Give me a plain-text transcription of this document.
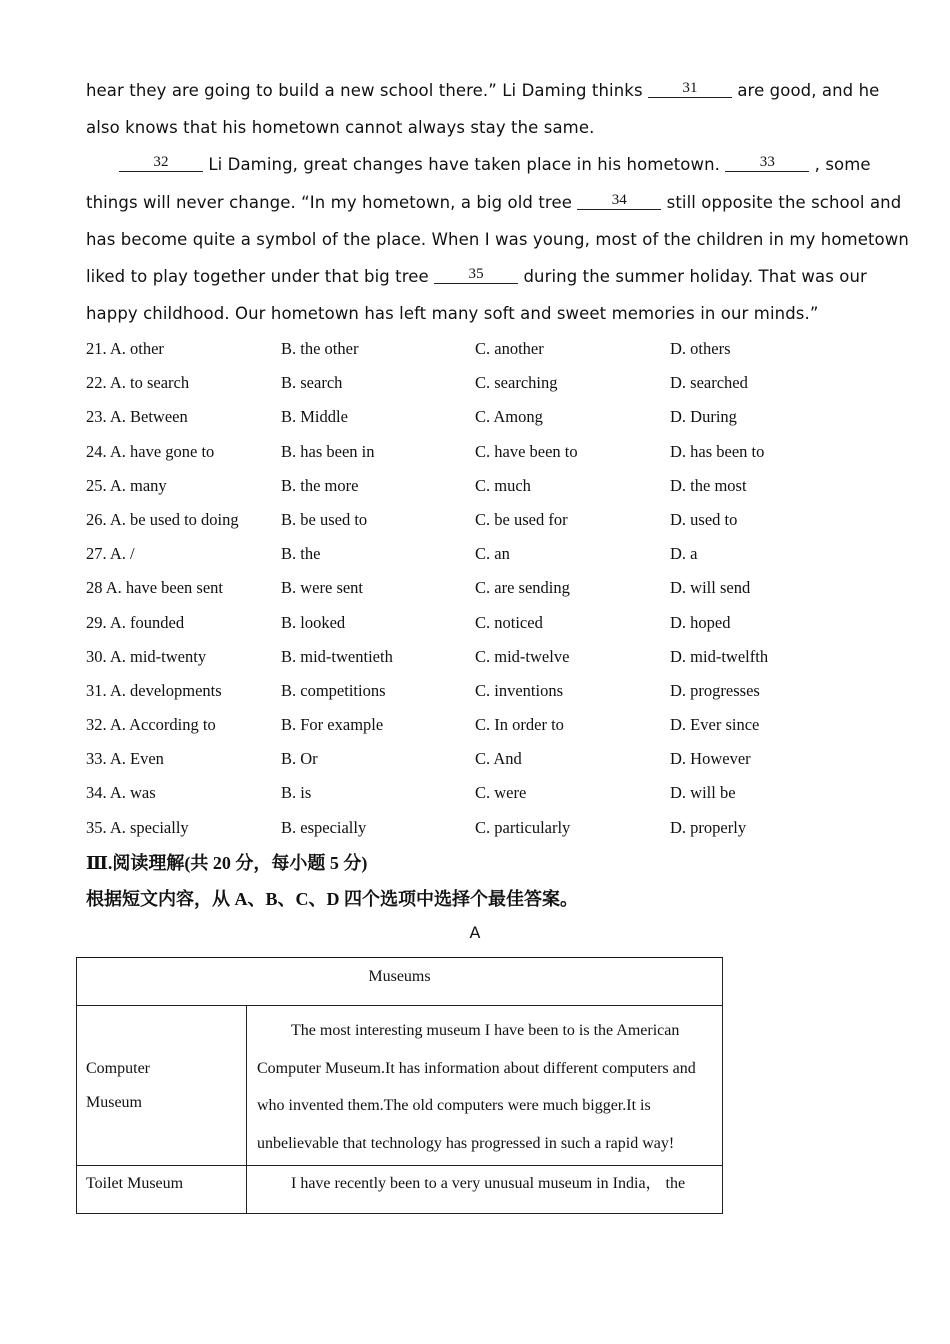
hear they are going to build a new school there.” Li Daming thinks 31 are good, and he
also knows that his hometown cannot always stay the same.
32 Li Daming, great changes have taken place in his hometown. 33 , some
things will never change. “In my hometown, a big old tree 34 still opposite the school and
has become quite a symbol of the place. When I was young, most of the children in my hometown
liked to play together under that big tree 35 during the summer holiday. That was our
happy childhood. Our hometown has left many soft and sweet memories in our minds.”
21. A. other	B. the other	C. another	D. others
22. A. to search	B. search	C. searching	D. searched
23. A. Between	B. Middle	C. Among	D. During
24. A. have gone to	B. has been in	C. have been to	D. has been to
25. A. many	B. the more	C. much	D. the most
26. A. be used to doing	B. be used to	C. be used for	D. used to
27. A. /	B. the	C. an	D. a
28 A. have been sent	B. were sent	C. are sending	D. will send
29. A. founded	B. looked	C. noticed	D. hoped
30. A. mid-twenty	B. mid-twentieth	C. mid-twelve	D. mid-twelfth
31. A. developments	B. competitions	C. inventions	D. progresses
32. A. According to	B. For example	C. In order to	D. Ever since
33. A. Even	B. Or	C. And	D. However
34. A. was	B. is	C. were	D. will be
35. A. specially	B. especially	C. particularly	D. properly
Ⅲ.阅读理解(共 20 分，每小题 5 分)
根据短文内容，从 A、B、C、D 四个选项中选择个最佳答案。
A
Museums	

Computer
Museum	The most interesting museum I have been to is the American Computer Museum.It has information about different computers and who invented them.The old computers were much bigger.It is unbelievable that technology has progressed in such a rapid way!
Toilet Museum	I have recently been to a very unusual museum in India， the
